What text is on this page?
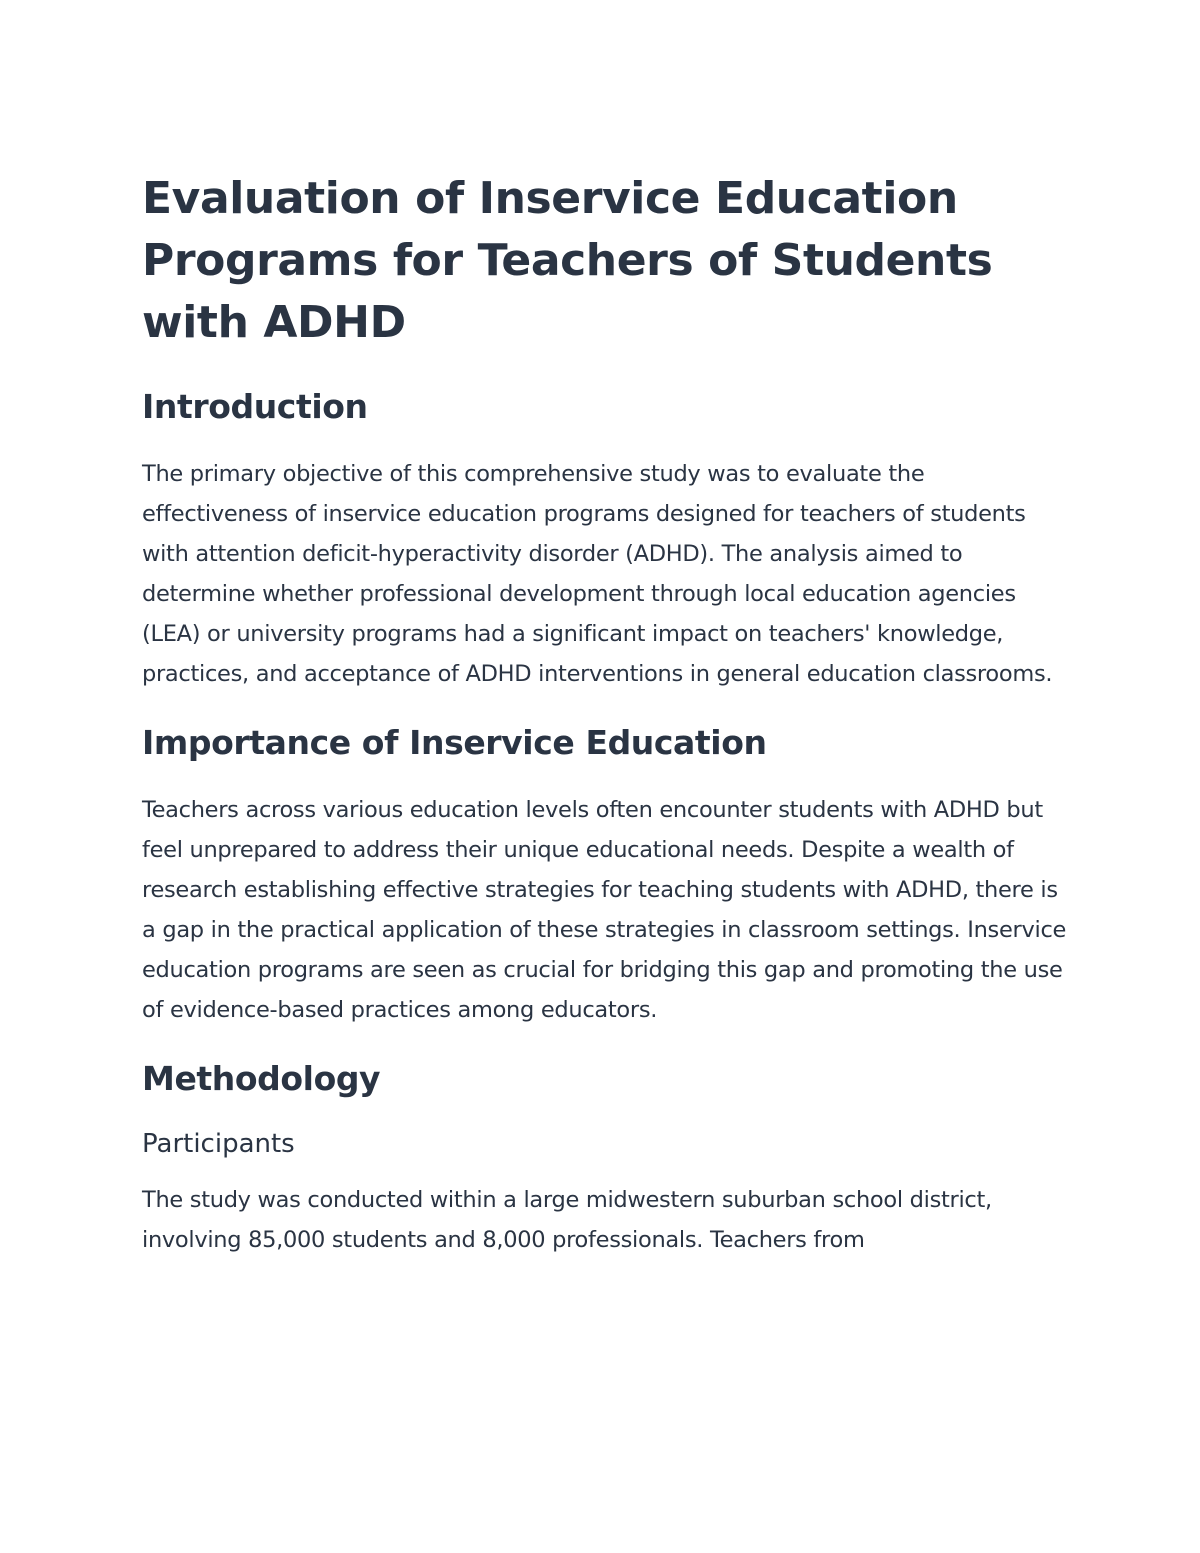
Evaluation of Inservice Education Programs for Teachers of Students with ADHD
Introduction

The primary objective of this comprehensive study was to evaluate the effectiveness of inservice education programs designed for teachers of students with attention deficit-hyperactivity disorder (ADHD). The analysis aimed to determine whether professional development through local education agencies (LEA) or university programs had a significant impact on teachers' knowledge, practices, and acceptance of ADHD interventions in general education classrooms.

Importance of Inservice Education

Teachers across various education levels often encounter students with ADHD but feel unprepared to address their unique educational needs. Despite a wealth of research establishing effective strategies for teaching students with ADHD, there is a gap in the practical application of these strategies in classroom settings. Inservice education programs are seen as crucial for bridging this gap and promoting the use of evidence-based practices among educators.

Methodology
Participants

The study was conducted within a large midwestern suburban school district, involving 85,000 students and 8,000 professionals. Teachers from
